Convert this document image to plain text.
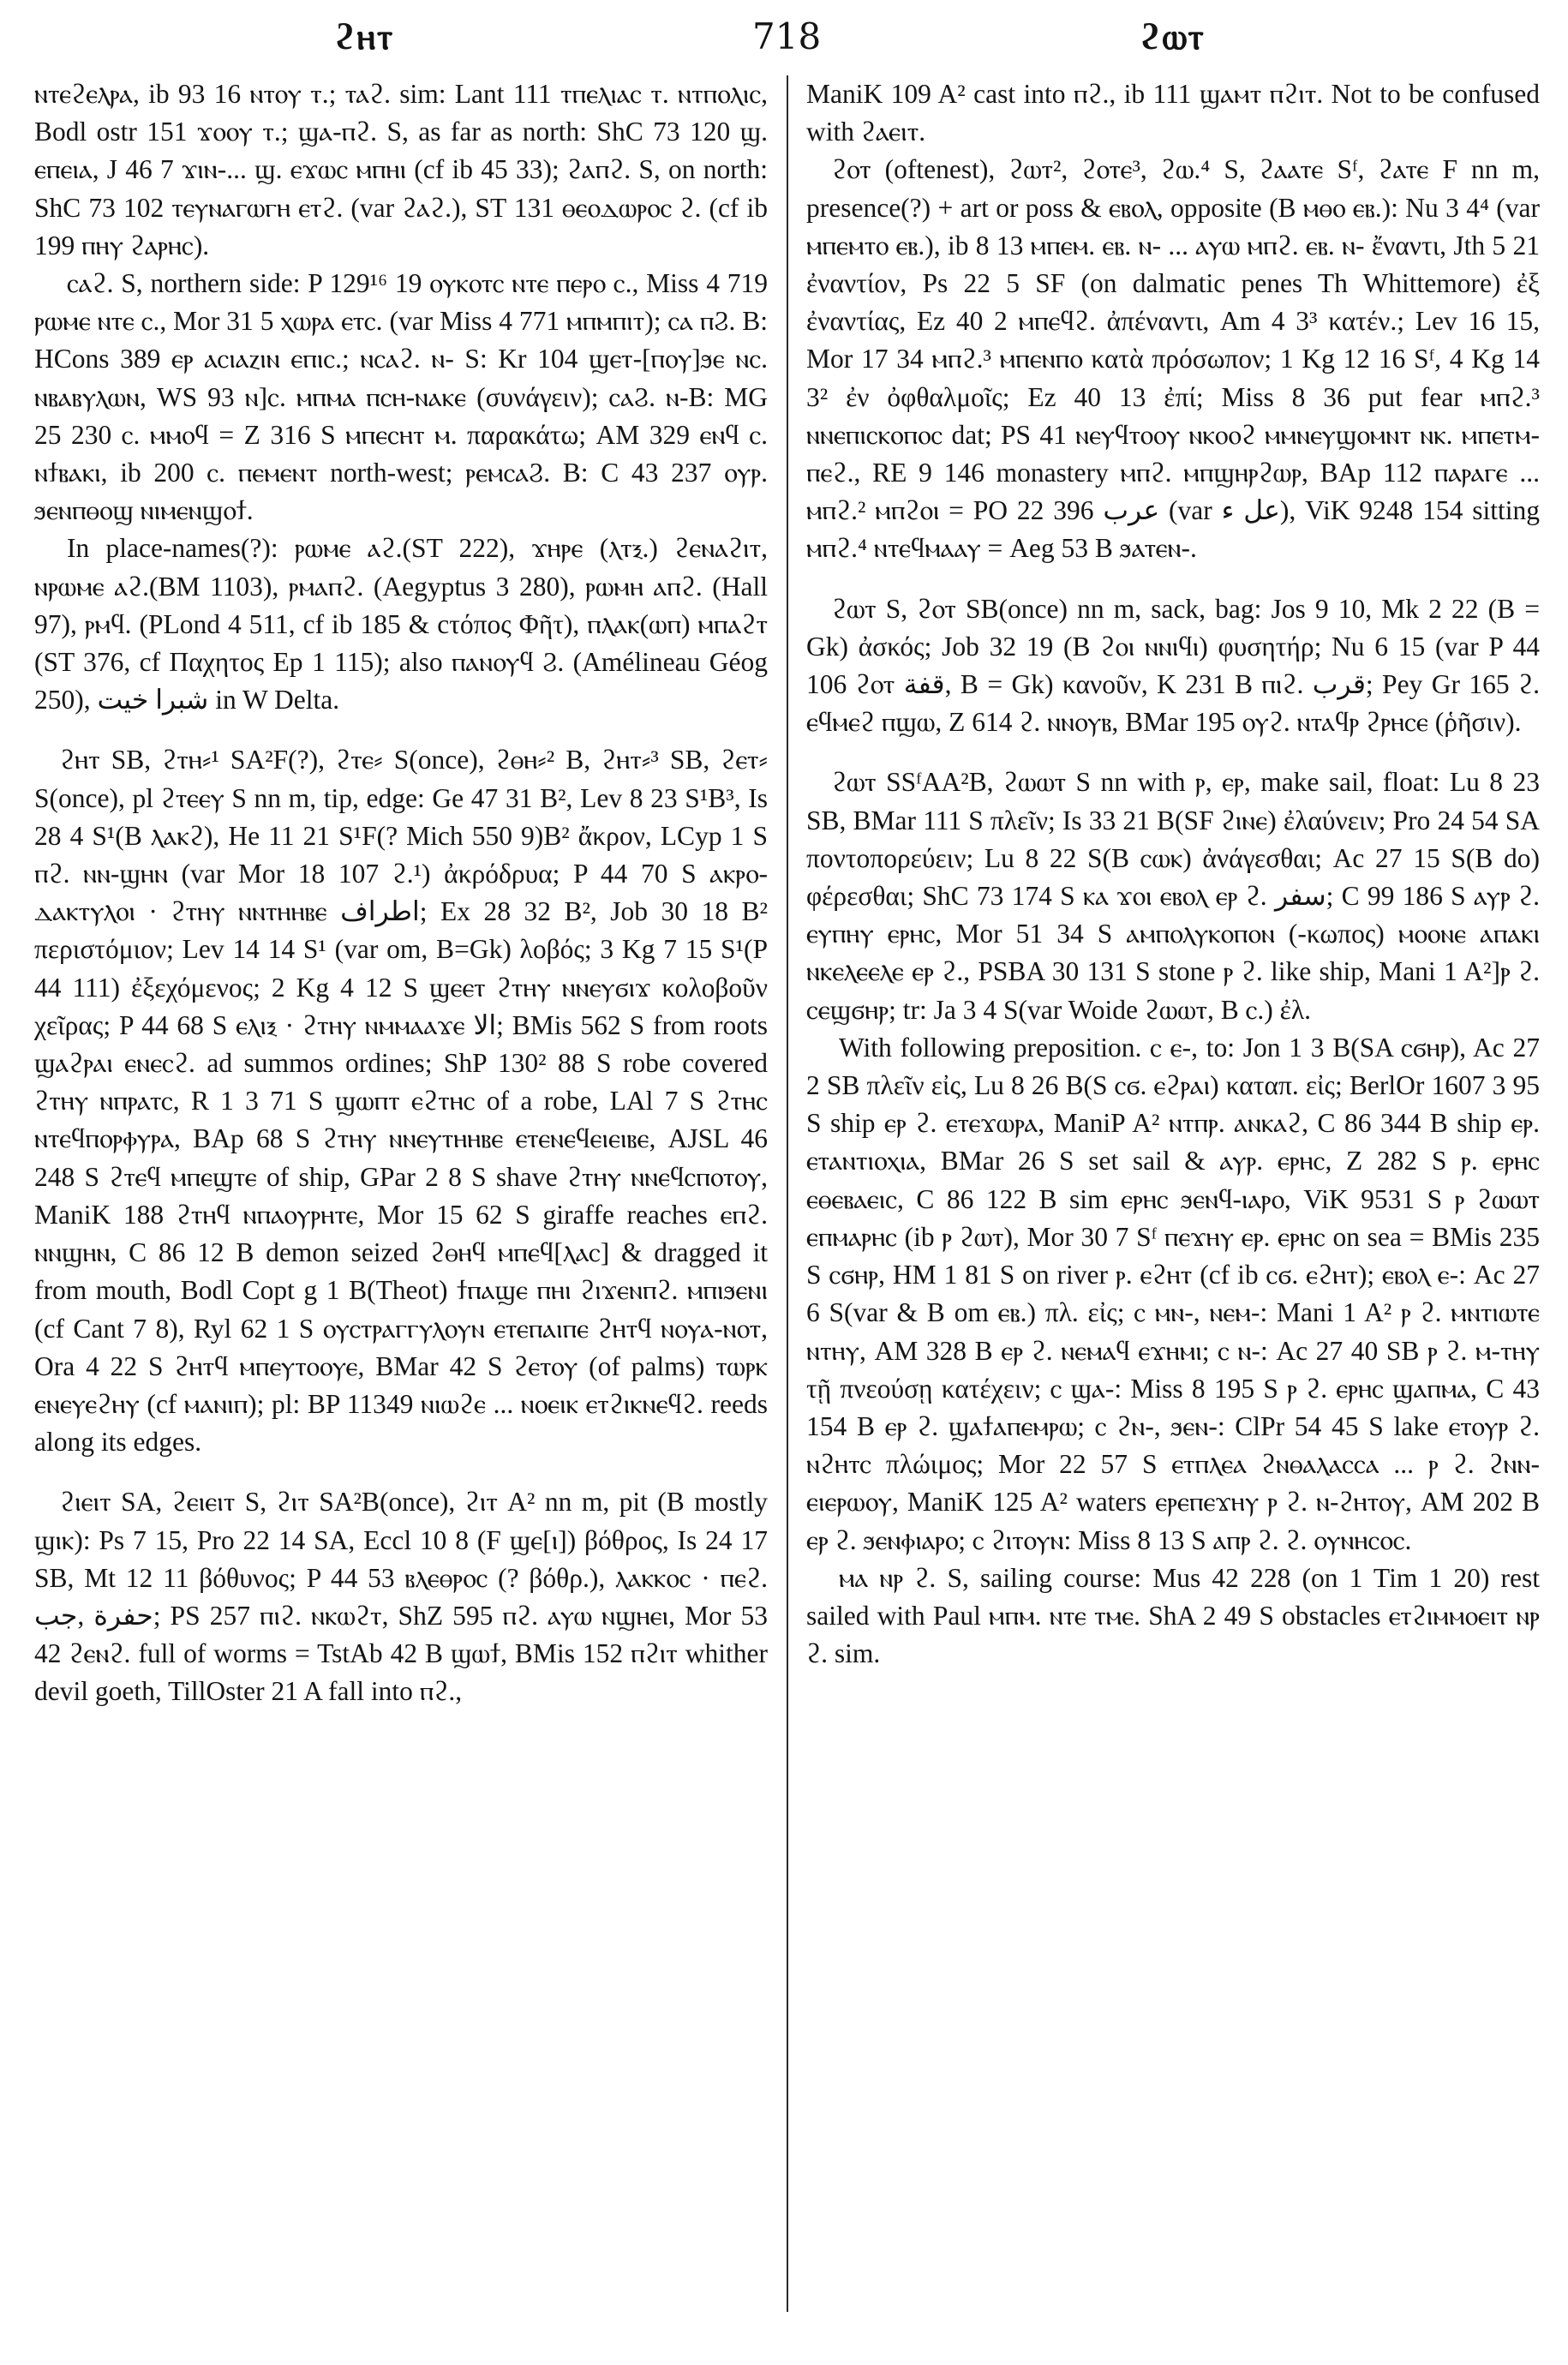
ϩⲏⲧ	718	ϩⲱⲧ

ⲛⲧⲉϩⲉⲗⲣⲁ, ib 93 16 ⲛⲧⲟⲩ ⲧ.; ⲧⲁϩ. sim: Lant 111 ⲧⲡⲉⲗⲓⲁⲥ ⲧ. ⲛⲧⲡⲟⲗⲓⲥ, Bodl ostr 151 ϫⲟⲟⲩ ⲧ.; ϣⲁ-ⲡϩ. S, as far as north: ShC 73 120 ϣ. ⲉⲡⲉⲓⲁ, J 46 7 ϫⲓⲛ-... ϣ. ⲉϫⲱⲥ ⲙⲡⲏⲓ (cf ib 45 33); ϩⲁⲡϩ. S, on north: ShC 73 102 ⲧⲉⲩⲛⲁⲅⲱⲅⲏ ⲉⲧϩ. (var ϩⲁϩ.), ST 131 ⲑⲉⲟⲇⲱⲣⲟⲥ ϩ. (cf ib 199 ⲡⲏⲩ ϩⲁⲣⲏⲥ).

ⲥⲁϩ. S, northern side: P 129¹⁶ 19 ⲟⲩⲕⲟⲧⲥ ⲛⲧⲉ ⲡⲉⲣⲟ ⲥ., Miss 4 719 ⲣⲱⲙⲉ ⲛⲧⲉ ⲥ., Mor 31 5 ⲭⲱⲣⲁ ⲉⲧⲥ. (var Miss 4 771 ⲙⲡⲙⲡⲓⲧ); ⲥⲁ ⲡϨ. B: HCons 389 ⲉⲣ ⲁⲥⲓⲁⲍⲓⲛ ⲉⲡⲓⲥ.; ⲛⲥⲁϩ. ⲛ- S: Kr 104 ϣⲉⲧ-[ⲡⲟⲩ]ϧⲉ ⲛⲥ. ⲛⲃⲁⲃⲩⲗⲱⲛ, WS 93 ⲛ]ⲥ. ⲙⲡⲙⲁ ⲡⲥⲏ-ⲛⲁⲕⲉ (συνάγειν); ⲥⲁϨ. ⲛ-B: MG 25 230 ⲥ. ⲙⲙⲟϥ = Z 316 S ⲙⲡⲉⲥⲏⲧ ⲙ. παρακάτω; AM 329 ⲉⲛϥ ⲥ. ⲛϯⲃⲁⲕⲓ, ib 200 ⲥ. ⲡⲉⲙⲉⲛⲧ north-west; ⲣⲉⲙⲥⲁϨ. B: C 43 237 ⲟⲩⲣ. ϧⲉⲛⲡⲑⲟϣ ⲛⲓⲙⲉⲛϣⲟϯ.

In place-names(?): ⲣⲱⲙⲉ ⲁϩ.(ST 222), ϫⲏⲣⲉ (ⲗⲧⲝ.) ϩⲉⲛⲁϩⲓⲧ, ⲛⲣⲱⲙⲉ ⲁϩ.(BM 1103), ⲣⲙⲁⲡϩ. (Aegyptus 3 280), ⲣⲱⲙⲏ ⲁⲡϩ. (Hall 97), ⲣⲙϥ. (PLond 4 511, cf ib 185 & cτόπος Φῆτ), ⲡⲗⲁⲕ(ⲱⲡ) ⲙⲡⲁϩⲧ (ST 376, cf Παχητος Ep 1 115); also ⲡⲁⲛⲟⲩϥ Ϩ. (Amélineau Géog 250), شبرا خيت in W Delta.

ϩⲏⲧ SB, ϩⲧⲏ⸗¹ SA²F(?), ϩⲧⲉ⸗ S(once), ϩⲑⲏ⸗² B, ϩⲏⲧ⸗³ SB, ϩⲉⲧ⸗ S(once), pl ϩⲧⲉⲉⲩ S nn m, tip, edge: Ge 47 31 B², Lev 8 23 S¹B³, Is 28 4 S¹(B ⲗⲁⲕϩ), He 11 21 S¹F(? Mich 550 9)B² ἄκρον, LCyp 1 S ⲡϩ. ⲛⲛ-ϣⲏⲛ (var Mor 18 107 ϩ.¹) ἀκρόδρυα; P 44 70 S ⲁⲕⲣⲟ-ⲇⲁⲕⲧⲩⲗⲟⲓ · ϩⲧⲏⲩ ⲛⲛⲧⲏⲏⲃⲉ اطراف; Ex 28 32 B², Job 30 18 B² περιστόμιον; Lev 14 14 S¹ (var om, B=Gk) λοβός; 3 Kg 7 15 S¹(P 44 111) ἐξεχόμενος; 2 Kg 4 12 S ϣⲉⲉⲧ ϩⲧⲏⲩ ⲛⲛⲉⲩϭⲓϫ κολοβοῦν χεῖρας; P 44 68 S ⲉⲗⲓⲝ · ϩⲧⲏⲩ ⲛⲙⲙⲁⲁϫⲉ الا; BMis 562 S from roots ϣⲁϩⲣⲁⲓ ⲉⲛⲉⲥϩ. ad summos ordines; ShP 130² 88 S robe covered ϩⲧⲏⲩ ⲛⲡⲣⲁⲧⲥ, R 1 3 71 S ϣⲱⲡⲧ ⲉϩⲧⲏⲥ of a robe, LAl 7 S ϩⲧⲏⲥ ⲛⲧⲉϥⲡⲟⲣⲫⲩⲣⲁ, BAp 68 S ϩⲧⲏⲩ ⲛⲛⲉⲩⲧⲏⲏⲃⲉ ⲉⲧⲉⲛⲉϥⲉⲓⲉⲓⲃⲉ, AJSL 46 248 S ϩⲧⲉϥ ⲙⲡⲉϣⲧⲉ of ship, GPar 2 8 S shave ϩⲧⲏⲩ ⲛⲛⲉϥⲥⲡⲟⲧⲟⲩ, ManiK 188 ϩⲧⲏϥ ⲛⲡⲁⲟⲩⲣⲏⲧⲉ, Mor 15 62 S giraffe reaches ⲉⲡϩ. ⲛⲛϣⲏⲛ, C 86 12 B demon seized ϩⲑⲏϥ ⲙⲡⲉϥ[ⲗⲁⲥ] & dragged it from mouth, Bodl Copt g 1 B(Theot) ϯⲡⲁϣⲉ ⲡⲏⲓ ϩⲓϫⲉⲛⲡϩ. ⲙⲡⲓϧⲉⲛⲓ (cf Cant 7 8), Ryl 62 1 S ⲟⲩⲥⲧⲣⲁⲅⲅⲩⲗⲟⲩⲛ ⲉⲧⲉⲡⲁⲓⲡⲉ ϩⲏⲧϥ ⲛⲟⲩⲁ-ⲛⲟⲧ, Ora 4 22 S ϩⲏⲧϥ ⲙⲡⲉⲩⲧⲟⲟⲩⲉ, BMar 42 S ϩⲉⲧⲟⲩ (of palms) ⲧⲱⲣⲕ ⲉⲛⲉⲩⲉϩⲏⲩ (cf ⲙⲁⲛⲓⲡ); pl: BP 11349 ⲛⲓⲱϩⲉ ... ⲛⲟⲉⲓⲕ ⲉⲧϩⲓⲕⲛⲉϥϩ. reeds along its edges.

ϩⲓⲉⲓⲧ SA, ϩⲉⲓⲉⲓⲧ S, ϩⲓⲧ SA²B(once), ϩⲓⲧ A² nn m, pit (B mostly ϣⲓⲕ): Ps 7 15, Pro 22 14 SA, Eccl 10 8 (F ϣⲉ[ⲓ]) βόθρος, Is 24 17 SB, Mt 12 11 βόθυνος; P 44 53 ⲃⲗⲉⲑⲣⲟⲥ (? βόθρ.), ⲗⲁⲕⲕⲟⲥ · ⲡⲉϩ. حفرة ,جب; PS 257 ⲡⲓϩ. ⲛⲕⲱϩⲧ, ShZ 595 ⲡϩ. ⲁⲩⲱ ⲛϣⲏⲉⲓ, Mor 53 42 ϩⲉⲛϩ. full of worms = TstAb 42 B ϣⲱϯ, BMis 152 ⲡϩⲓⲧ whither devil goeth, TillOster 21 A fall into ⲡϩ.,

ManiK 109 A² cast into ⲡϩ., ib 111 ϣⲁⲙⲧ ⲡϩⲓⲧ. Not to be confused with ϩⲁⲉⲓⲧ.

ϩⲟⲧ (oftenest), ϩⲱⲧ², ϩⲟⲧⲉ³, ϩⲱ.⁴ S, ϩⲁⲁⲧⲉ Sᶠ, ϩⲁⲧⲉ F nn m, presence(?) + art or poss & ⲉⲃⲟⲗ, opposite (B ⲙⲑⲟ ⲉⲃ.): Nu 3 4⁴ (var ⲙⲡⲉⲙⲧⲟ ⲉⲃ.), ib 8 13 ⲙⲡⲉⲙ. ⲉⲃ. ⲛ- ... ⲁⲩⲱ ⲙⲡϩ. ⲉⲃ. ⲛ- ἔναντι, Jth 5 21 ἐναντίον, Ps 22 5 SF (on dalmatic penes Th Whittemore) ἐξ ἐναντίας, Ez 40 2 ⲙⲡⲉϥϩ. ἀπέναντι, Am 4 3³ κατέν.; Lev 16 15, Mor 17 34 ⲙⲡϩ.³ ⲙⲡⲉⲛⲡⲟ κατὰ πρόσωπον; 1 Kg 12 16 Sᶠ, 4 Kg 14 3² ἐν ὀφθαλμοῖς; Ez 40 13 ἐπί; Miss 8 36 put fear ⲙⲡϩ.³ ⲛⲛⲉⲡⲓⲥⲕⲟⲡⲟⲥ dat; PS 41 ⲛⲉⲩϥⲧⲟⲟⲩ ⲛⲕⲟⲟϩ ⲙⲙⲛⲉⲩϣⲟⲙⲛⲧ ⲛⲕ. ⲙⲡⲉⲧⲙ-ⲡⲉϩ., RE 9 146 monastery ⲙⲡϩ. ⲙⲡϣⲏⲣϩⲱⲣ, BAp 112 ⲡⲁⲣⲁⲅⲉ ... ⲙⲡϩ.² ⲙⲡϩⲟⲓ = PO 22 396 عرب (var عل ء), ViK 9248 154 sitting ⲙⲡϩ.⁴ ⲛⲧⲉϥⲙⲁⲁⲩ = Aeg 53 B ϧⲁⲧⲉⲛ-.

ϩⲱⲧ S, ϩⲟⲧ SB(once) nn m, sack, bag: Jos 9 10, Mk 2 22 (B = Gk) ἀσκός; Job 32 19 (B ϩⲟⲓ ⲛⲛⲓϥⲓ) φυσητήρ; Nu 6 15 (var P 44 106 ϩⲟⲧ قفة, B = Gk) κανοῦν, K 231 B ⲡⲓϩ. قرب; Pey Gr 165 ϩ. ⲉϥⲙⲉϩ ⲡϣⲱ, Z 614 ϩ. ⲛⲛⲟⲩⲃ, BMar 195 ⲟⲩϩ. ⲛⲧⲁϥⲣ ϩⲣⲏⲥⲉ (ῥῆσιν).

ϩⲱⲧ SSᶠAA²B, ϩⲱⲱⲧ S nn with ⲣ, ⲉⲣ, make sail, float: Lu 8 23 SB, BMar 111 S πλεῖν; Is 33 21 B(SF ϩⲓⲛⲉ) ἐλαύνειν; Pro 24 54 SA ποντοπορεύειν; Lu 8 22 S(B ⲥⲱⲕ) ἀνάγεσθαι; Ac 27 15 S(B do) φέρεσθαι; ShC 73 174 S ⲕⲁ ϫⲟⲓ ⲉⲃⲟⲗ ⲉⲣ ϩ. سفر; C 99 186 S ⲁⲩⲣ ϩ. ⲉⲩⲡⲏⲩ ⲉⲣⲏⲥ, Mor 51 34 S ⲁⲙⲡⲟⲗⲩⲕⲟⲡⲟⲛ (-κωπος) ⲙⲟⲟⲛⲉ ⲁⲡⲁⲕⲓ ⲛⲕⲉⲗⲉⲉⲗⲉ ⲉⲣ ϩ., PSBA 30 131 S stone ⲣ ϩ. like ship, Mani 1 A²]ⲣ ϩ. ⲥⲉϣϭⲏⲣ; tr: Ja 3 4 S(var Woide ϩⲱⲱⲧ, B ⲥ.) ἐλ.

With following preposition. ⲥ ⲉ-, to: Jon 1 3 B(SA ⲥϭⲏⲣ), Ac 27 2 SB πλεῖν εἰς, Lu 8 26 B(S ⲥϭ. ⲉϩⲣⲁⲓ) καταπ. εἰς; BerlOr 1607 3 95 S ship ⲉⲣ ϩ. ⲉⲧⲉϫⲱⲣⲁ, ManiP A² ⲛⲧⲡⲣ. ⲁⲛⲕⲁϩ, C 86 344 B ship ⲉⲣ. ⲉⲧⲁⲛⲧⲓⲟⲭⲓⲁ, BMar 26 S set sail & ⲁⲩⲣ. ⲉⲣⲏⲥ, Z 282 S ⲣ. ⲉⲣⲏⲥ ⲉⲑⲉⲃⲁⲉⲓⲥ, C 86 122 B sim ⲉⲣⲏⲥ ϧⲉⲛϥ-ⲓⲁⲣⲟ, ViK 9531 S ⲣ ϩⲱⲱⲧ ⲉⲡⲙⲁⲣⲏⲥ (ib ⲣ ϩⲱⲧ), Mor 30 7 Sᶠ ⲡⲉϫⲏⲩ ⲉⲣ. ⲉⲣⲏⲥ on sea = BMis 235 S ⲥϭⲏⲣ, HM 1 81 S on river ⲣ. ⲉϩⲏⲧ (cf ib ⲥϭ. ⲉϩⲏⲧ); ⲉⲃⲟⲗ ⲉ-: Ac 27 6 S(var & B om ⲉⲃ.) πλ. εἰς; ⲥ ⲙⲛ-, ⲛⲉⲙ-: Mani 1 A² ⲣ ϩ. ⲙⲛⲧⲓⲱⲧⲉ ⲛⲧⲏⲩ, AM 328 B ⲉⲣ ϩ. ⲛⲉⲙⲁϥ ⲉϫⲏⲙⲓ; ⲥ ⲛ-: Ac 27 40 SB ⲣ ϩ. ⲙ-ⲧⲏⲩ τῇ πνεούσῃ κατέχειν; ⲥ ϣⲁ-: Miss 8 195 S ⲣ ϩ. ⲉⲣⲏⲥ ϣⲁⲡⲙⲁ, C 43 154 B ⲉⲣ ϩ. ϣⲁϯⲁⲡⲉⲙⲣⲱ; ⲥ ϩⲛ-, ϧⲉⲛ-: ClPr 54 45 S lake ⲉⲧⲟⲩⲣ ϩ. ⲛϩⲏⲧⲥ πλώιμος; Mor 22 57 S ⲉⲧⲡⲗⲉⲁ ϩⲛⲑⲁⲗⲁⲥⲥⲁ ... ⲣ ϩ. ϩⲛⲛ-ⲉⲓⲉⲣⲱⲟⲩ, ManiK 125 A² waters ⲉⲣⲉⲡⲉϫⲏⲩ ⲣ ϩ. ⲛ-ϩⲏⲧⲟⲩ, AM 202 B ⲉⲣ ϩ. ϧⲉⲛⲫⲓⲁⲣⲟ; ⲥ ϩⲓⲧⲟⲩⲛ: Miss 8 13 S ⲁⲡⲣ ϩ. ϩ. ⲟⲩⲛⲏⲥⲟⲥ.

ⲙⲁ ⲛⲣ ϩ. S, sailing course: Mus 42 228 (on 1 Tim 1 20) rest sailed with Paul ⲙⲡⲙ. ⲛⲧⲉ ⲧⲙⲉ. ShA 2 49 S obstacles ⲉⲧϩⲓⲙⲙⲟⲉⲓⲧ ⲛⲣ ϩ. sim.
